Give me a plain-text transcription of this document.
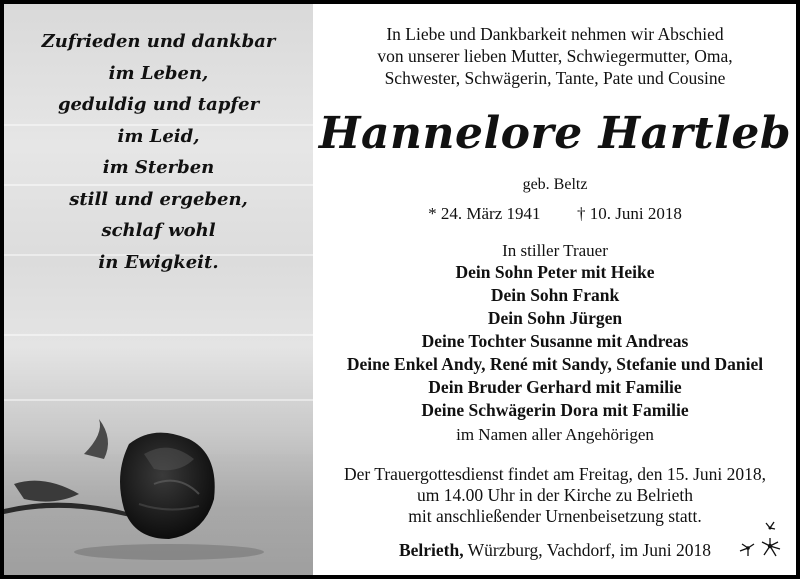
Zufrieden und dankbar
im Leben,
geduldig und tapfer
im Leid,
im Sterben
still und ergeben,
schlaf wohl
in Ewigkeit.
In Liebe und Dankbarkeit nehmen wir Abschied
von unserer lieben Mutter, Schwiegermutter, Oma,
Schwester, Schwägerin, Tante, Pate und Cousine
Hannelore Hartleb
geb. Beltz
* 24. März 1941 † 10. Juni 2018
In stiller Trauer
Dein Sohn Peter mit Heike
Dein Sohn Frank
Dein Sohn Jürgen
Deine Tochter Susanne mit Andreas
Deine Enkel Andy, René mit Sandy, Stefanie und Daniel
Dein Bruder Gerhard mit Familie
Deine Schwägerin Dora mit Familie
im Namen aller Angehörigen
Der Trauergottesdienst findet am Freitag, den 15. Juni 2018,
um 14.00 Uhr in der Kirche zu Belrieth
mit anschließender Urnenbeisetzung statt.
Belrieth, Würzburg, Vachdorf, im Juni 2018
